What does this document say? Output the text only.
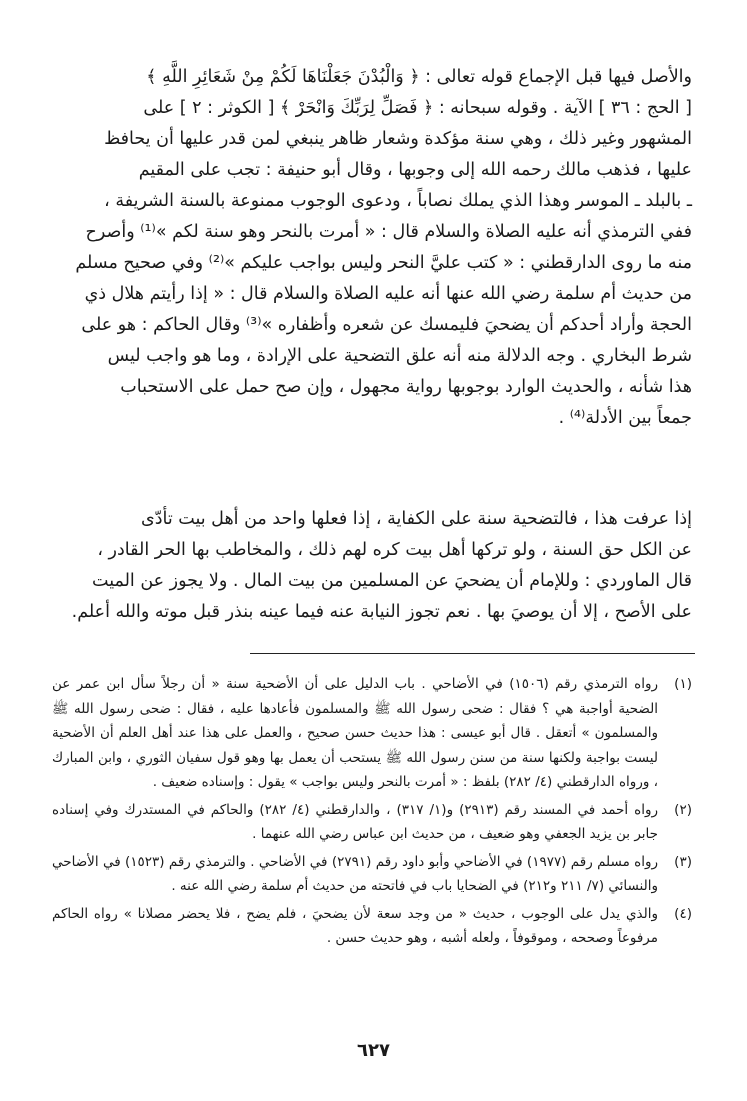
والأصل فيها قبل الإجماع قوله تعالى : ﴿ وَالْبُدْنَ جَعَلْنَاهَا لَكُمْ مِنْ شَعَائِرِ اللَّهِ ﴾

[ الحج : ٣٦ ] الآية . وقوله سبحانه : ﴿ فَصَلِّ لِرَبِّكَ وَانْحَرْ ﴾ [ الكوثر : ٢ ] على

المشهور وغير ذلك ، وهي سنة مؤكدة وشعار ظاهر ينبغي لمن قدر عليها أن يحافظ

عليها ، فذهب مالك رحمه الله إلى وجوبها ، وقال أبو حنيفة : تجب على المقيم

ـ بالبلد ـ الموسر وهذا الذي يملك نصاباً ، ودعوى الوجوب ممنوعة بالسنة الشريفة ،

ففي الترمذي أنه عليه الصلاة والسلام قال : « أمرت بالنحر وهو سنة لكم »⁽¹⁾ وأصرح

منه ما روى الدارقطني : « كتب عليَّ النحر وليس بواجب عليكم »⁽²⁾ وفي صحيح مسلم

من حديث أم سلمة رضي الله عنها أنه عليه الصلاة والسلام قال : « إذا رأيتم هلال ذي

الحجة وأراد أحدكم أن يضحيَ فليمسك عن شعره وأظفاره »⁽³⁾ وقال الحاكم : هو على

شرط البخاري . وجه الدلالة منه أنه علق التضحية على الإرادة ، وما هو واجب ليس

هذا شأنه ، والحديث الوارد بوجوبها رواية مجهول ، وإن صح حمل على الاستحباب

جمعاً بين الأدلة⁽⁴⁾ .

إذا عرفت هذا ، فالتضحية سنة على الكفاية ، إذا فعلها واحد من أهل بيت تأدّى

عن الكل حق السنة ، ولو تركها أهل بيت كره لهم ذلك ، والمخاطب بها الحر القادر ،

قال الماوردي : وللإمام أن يضحيَ عن المسلمين من بيت المال . ولا يجوز عن الميت

على الأصح ، إلا أن يوصيَ بها . نعم تجوز النيابة عنه فيما عينه بنذر قبل موته والله أعلم.

(١)
رواه الترمذي رقم (١٥٠٦) في الأضاحي . باب الدليل على أن الأضحية سنة « أن رجلاً سأل ابن عمر عن الضحية أواجبة هي ؟ فقال : ضحى رسول الله ﷺ والمسلمون فأعادها عليه ، فقال : ضحى رسول الله ﷺ والمسلمون » أتعقل . قال أبو عيسى : هذا حديث حسن صحيح ، والعمل على هذا عند أهل العلم أن الأضحية ليست بواجبة ولكنها سنة من سنن رسول الله ﷺ يستحب أن يعمل بها وهو قول سفيان الثوري ، وابن المبارك ، ورواه الدارقطني (٤/ ٢٨٢) بلفظ : « أمرت بالنحر وليس بواجب » يقول : وإسناده ضعيف .
(٢)
رواه أحمد في المسند رقم (٢٩١٣) و(١/ ٣١٧) ، والدارقطني (٤/ ٢٨٢) والحاكم في المستدرك وفي إسناده جابر بن يزيد الجعفي وهو ضعيف ، من حديث ابن عباس رضي الله عنهما .
(٣)
رواه مسلم رقم (١٩٧٧) في الأضاحي وأبو داود رقم (٢٧٩١) في الأضاحي . والترمذي رقم (١٥٢٣) في الأضاحي والنسائي (٧/ ٢١١ و٢١٢) في الضحايا باب في فاتحته من حديث أم سلمة رضي الله عنه .
(٤)
والذي يدل على الوجوب ، حديث « من وجد سعة لأن يضحيَ ، فلم يضح ، فلا يحضر مصلانا » رواه الحاكم مرفوعاً وصححه ، وموقوفاً ، ولعله أشبه ، وهو حديث حسن .
٦٢٧
